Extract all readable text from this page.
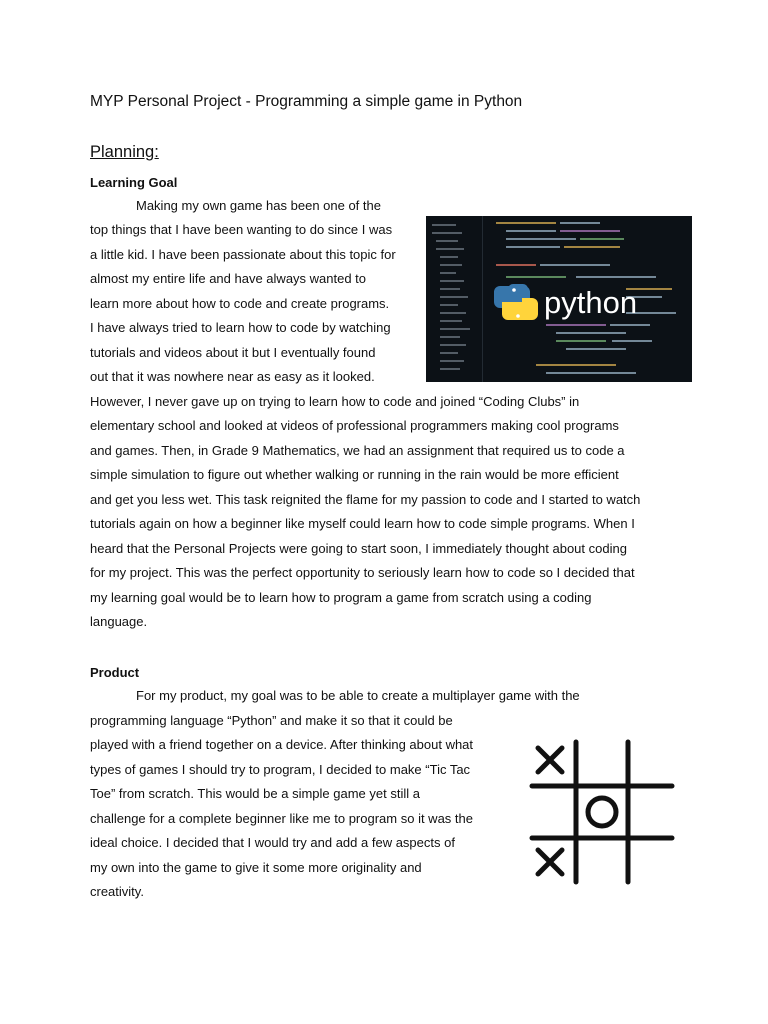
MYP Personal Project - Programming a simple game in Python
Planning:
Learning Goal
Making my own game has been one of the
top things that I have been wanting to do since I was
a little kid. I have been passionate about this topic for
almost my entire life and have always wanted to
learn more about how to code and create programs.
I have always tried to learn how to code by watching
tutorials and videos about it but I eventually found
out that it was nowhere near as easy as it looked.
However, I never gave up on trying to learn how to code and joined “Coding Clubs” in
elementary school and looked at videos of professional programmers making cool programs
and games. Then, in Grade 9 Mathematics, we had an assignment that required us to code a
simple simulation to figure out whether walking or running in the rain would be more efficient
and get you less wet. This task reignited the flame for my passion to code and I started to watch
tutorials again on how a beginner like myself could learn how to code simple programs. When I
heard that the Personal Projects were going to start soon, I immediately thought about coding
for my project. This was the perfect opportunity to seriously learn how to code so I decided that
my learning goal would be to learn how to program a game from scratch using a coding
language.
python
Product
For my product, my goal was to be able to create a multiplayer game with the
programming language “Python” and make it so that it could be
played with a friend together on a device. After thinking about what
types of games I should try to program, I decided to make “Tic Tac
Toe” from scratch. This would be a simple game yet still a
challenge for a complete beginner like me to program so it was the
ideal choice. I decided that I would try and add a few aspects of
my own into the game to give it some more originality and
creativity.
